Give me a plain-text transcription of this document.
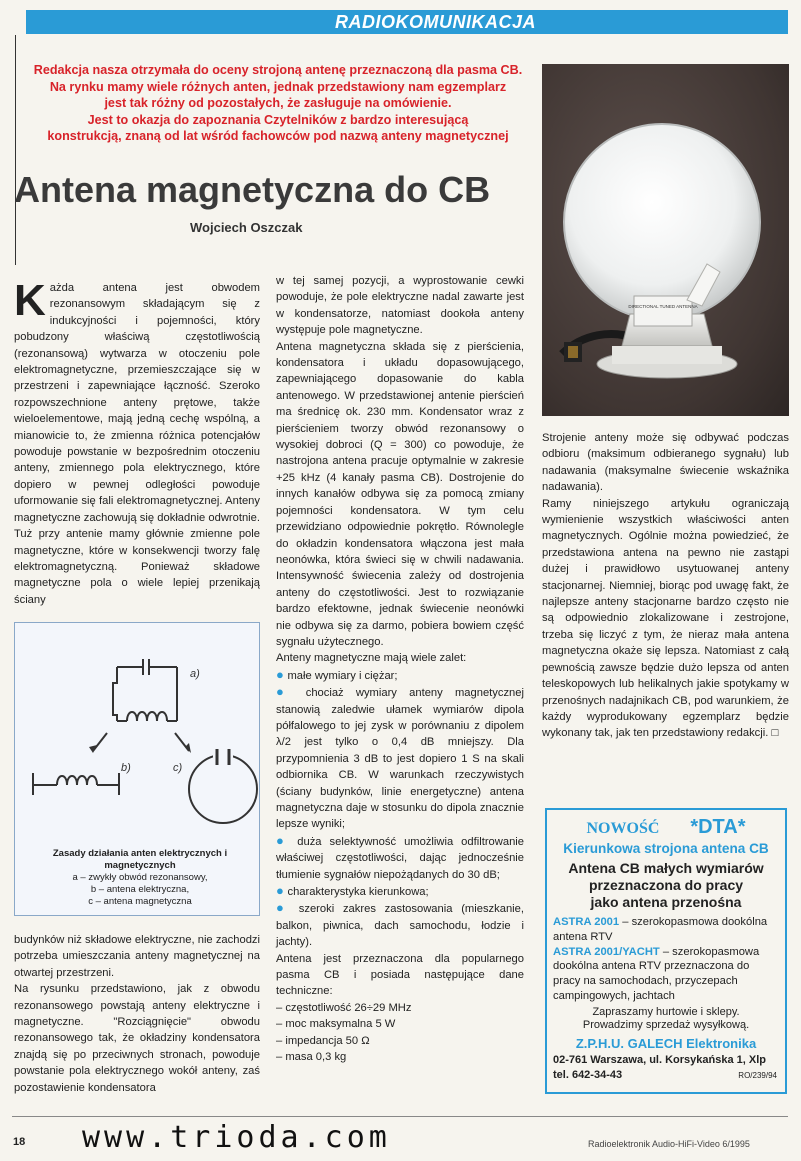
RADIOKOMUNIKACJA
Redakcja nasza otrzymała do oceny strojoną antenę przeznaczoną dla pasma CB.
Na rynku mamy wiele różnych anten, jednak przedstawiony nam egzemplarz
jest tak różny od pozostałych, że zasługuje na omówienie.
Jest to okazja do zapoznania Czytelników z bardzo interesującą
konstrukcją, znaną od lat wśród fachowców pod nazwą anteny magnetycznej
Antena magnetyczna do CB
Wojciech Oszczak
DIRECTIONAL TUNED ANTENNA
K ażda antena jest obwodem rezonansowym składającym się z indukcyjności i pojemności, który pobudzony właściwą częstotliwością (rezonansową) wytwarza w otoczeniu pole elektromagnetyczne, przemieszczające się w przestrzeni i zapewniające łączność. Szeroko rozpowszechnione anteny prętowe, także wieloelementowe, mają jedną cechę wspólną, a mianowicie to, że zmienna różnica potencjałów powoduje powstanie w bezpośrednim otoczeniu anteny, zmiennego pola elektrycznego, które dopiero w pewnej odległości powoduje uformowanie się fali elektromagnetycznej. Anteny magnetyczne zachowują się dokładnie odwrotnie. Tuż przy antenie mamy głównie zmienne pole magnetyczne, które w konsekwencji tworzy falę elektromagnetyczną. Ponieważ składowe magnetyczne pola o wiele lepiej przenikają ściany

a)
b)	c)
Zasady działania anten elektrycznych i magnetycznych
a – zwykły obwód rezonansowy,
b – antena elektryczna,
c – antena magnetyczna

budynków niż składowe elektryczne, nie zachodzi potrzeba umieszczania anteny magnetycznej na otwartej przestrzeni.

Na rysunku przedstawiono, jak z obwodu rezonansowego powstają anteny elektryczne i magnetyczne. "Rozciągnięcie" obwodu rezonansowego tak, że okładziny kondensatora znajdą się po przeciwnych stronach, powoduje powstanie pola elektrycznego wokół anteny, zaś pozostawienie kondensatora

w tej samej pozycji, a wyprostowanie cewki powoduje, że pole elektryczne nadal zawarte jest w kondensatorze, natomiast dookoła anteny występuje pole magnetyczne.

Antena magnetyczna składa się z pierścienia, kondensatora i układu dopasowującego, zapewniającego dopasowanie do kabla antenowego. W przedstawionej antenie pierścień ma średnicę ok. 230 mm. Kondensator wraz z pierścieniem tworzy obwód rezonansowy o wysokiej dobroci (Q = 300) co powoduje, że nastrojona antena pracuje optymalnie w zakresie +25 kHz (4 kanały pasma CB). Dostrojenie do innych kanałów odbywa się za pomocą zmiany pojemności kondensatora. W tym celu przewidziano odpowiednie pokrętło. Równolegle do okładzin kondensatora włączona jest mała neonówka, która świeci się w chwili nadawania. Intensywność świecenia zależy od dostrojenia anteny do częstotliwości. Jest to rozwiązanie bardzo efektowne, jednak świecenie neonówki nie odbywa się za darmo, pobiera bowiem część sygnału użytecznego.

Anteny magnetyczne mają wiele zalet:

● małe wymiary i ciężar;

● chociaż wymiary anteny magnetycznej stanowią zaledwie ułamek wymiarów dipola półfalowego to jej zysk w porównaniu z dipolem λ/2 jest tylko o 0,4 dB mniejszy. Dla przypomnienia 3 dB to jest dopiero 1 S na skali odbiornika CB. W warunkach rzeczywistych (ściany budynków, linie energetyczne) antena magnetyczna daje w stosunku do dipola znacznie lepsze wyniki;

● duża selektywność umożliwia odfiltrowanie właściwej częstotliwości, dając jednocześnie tłumienie sygnałów niepożądanych do 30 dB;

● charakterystyka kierunkowa;

● szeroki zakres zastosowania (mieszkanie, balkon, piwnica, dach samochodu, łodzie i jachty).

Antena jest przeznaczona dla popularnego pasma CB i posiada następujące dane techniczne:

– częstotliwość 26÷29 MHz

– moc maksymalna 5 W

– impedancja 50 Ω

– masa 0,3 kg

Strojenie anteny może się odbywać podczas odbioru (maksimum odbieranego sygnału) lub nadawania (maksymalne świecenie wskaźnika nadawania).

Ramy niniejszego artykułu ograniczają wymienienie wszystkich właściwości anten magnetycznych. Ogólnie można powiedzieć, że przedstawiona antena na pewno nie zastąpi dużej i prawidłowo usytuowanej anteny stacjonarnej. Niemniej, biorąc pod uwagę fakt, że najlepsze anteny stacjonarne bardzo często nie są odpowiednio zlokalizowane i zestrojone, trzeba się liczyć z tym, że nieraz mała antena magnetyczna okaże się lepsza. Natomiast z całą pewnością zawsze będzie dużo lepsza od anten teleskopowych lub helikalnych jakie spotykamy w przenośnych nadajnikach CB, pod warunkiem, że każdy wyprodukowany egzemplarz będzie wykonany tak, jak ten przedstawiony redakcji. □

NOWOŚĆ *DTA*
Kierunkowa strojona antena CB
Antena CB małych wymiarów
przeznaczona do pracy
jako antena przenośna
ASTRA 2001 – szerokopasmowa dookólna antena RTV
ASTRA 2001/YACHT – szerokopasmowa dookólna antena RTV przeznaczona do pracy na samochodach, przyczepach campingowych, jachtach
Zapraszamy hurtowie i sklepy.
Prowadzimy sprzedaż wysyłkową.
Z.P.H.U. GALECH Elektronika
02-761 Warszawa, ul. Korsykańska 1, Xlp
tel. 642-34-43	RO/239/94
18 www.trioda.com	Radioelektronik Audio-HiFi-Video 6/1995
